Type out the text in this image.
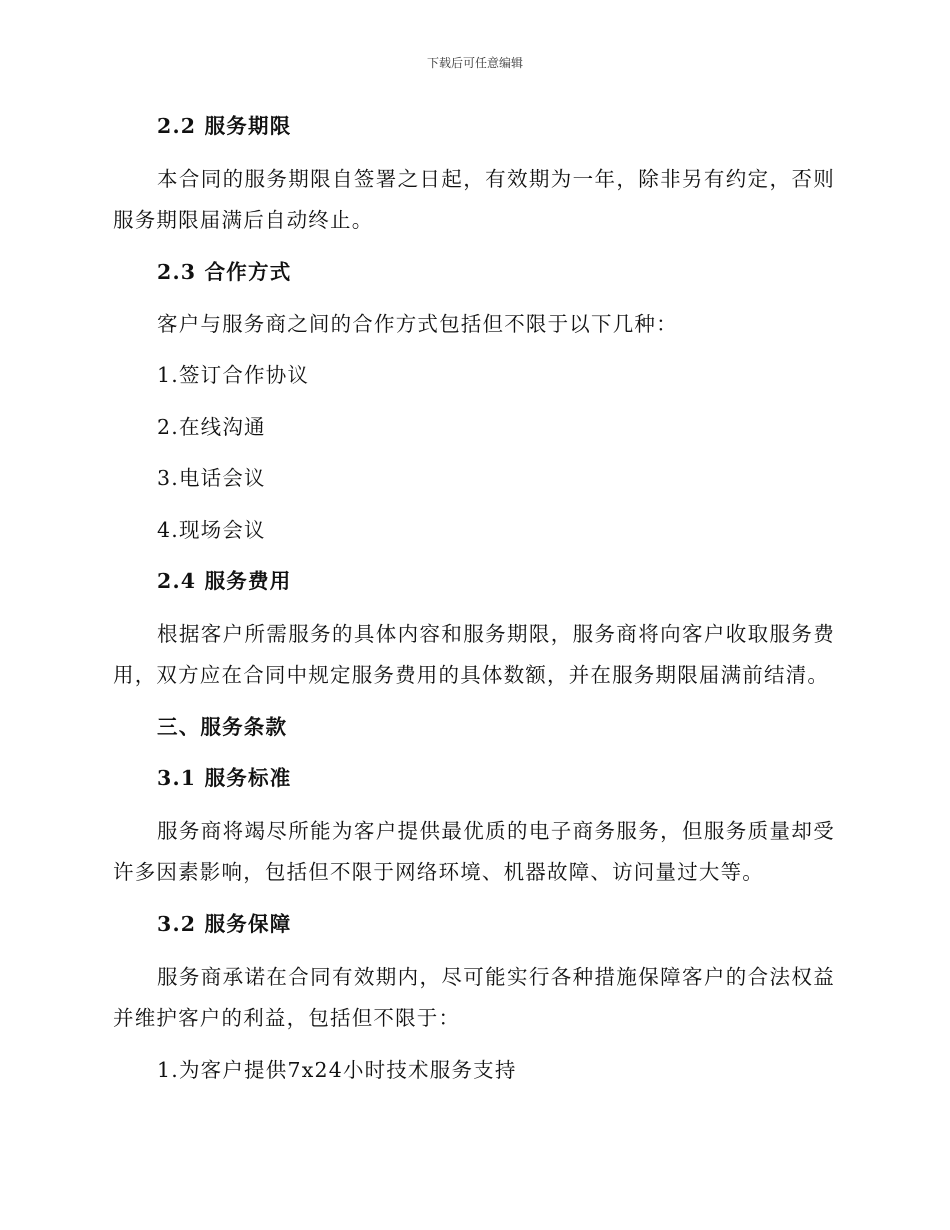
下载后可任意编辑
2.2 服务期限
本合同的服务期限自签署之日起，有效期为一年，除非另有约定，否则服务期限届满后自动终止。
2.3 合作方式
客户与服务商之间的合作方式包括但不限于以下几种：
1.签订合作协议
2.在线沟通
3.电话会议
4.现场会议
2.4 服务费用
根据客户所需服务的具体内容和服务期限，服务商将向客户收取服务费用，双方应在合同中规定服务费用的具体数额，并在服务期限届满前结清。
三、服务条款
3.1 服务标准
服务商将竭尽所能为客户提供最优质的电子商务服务，但服务质量却受许多因素影响，包括但不限于网络环境、机器故障、访问量过大等。
3.2 服务保障
服务商承诺在合同有效期内，尽可能实行各种措施保障客户的合法权益并维护客户的利益，包括但不限于：
1.为客户提供7x24小时技术服务支持
